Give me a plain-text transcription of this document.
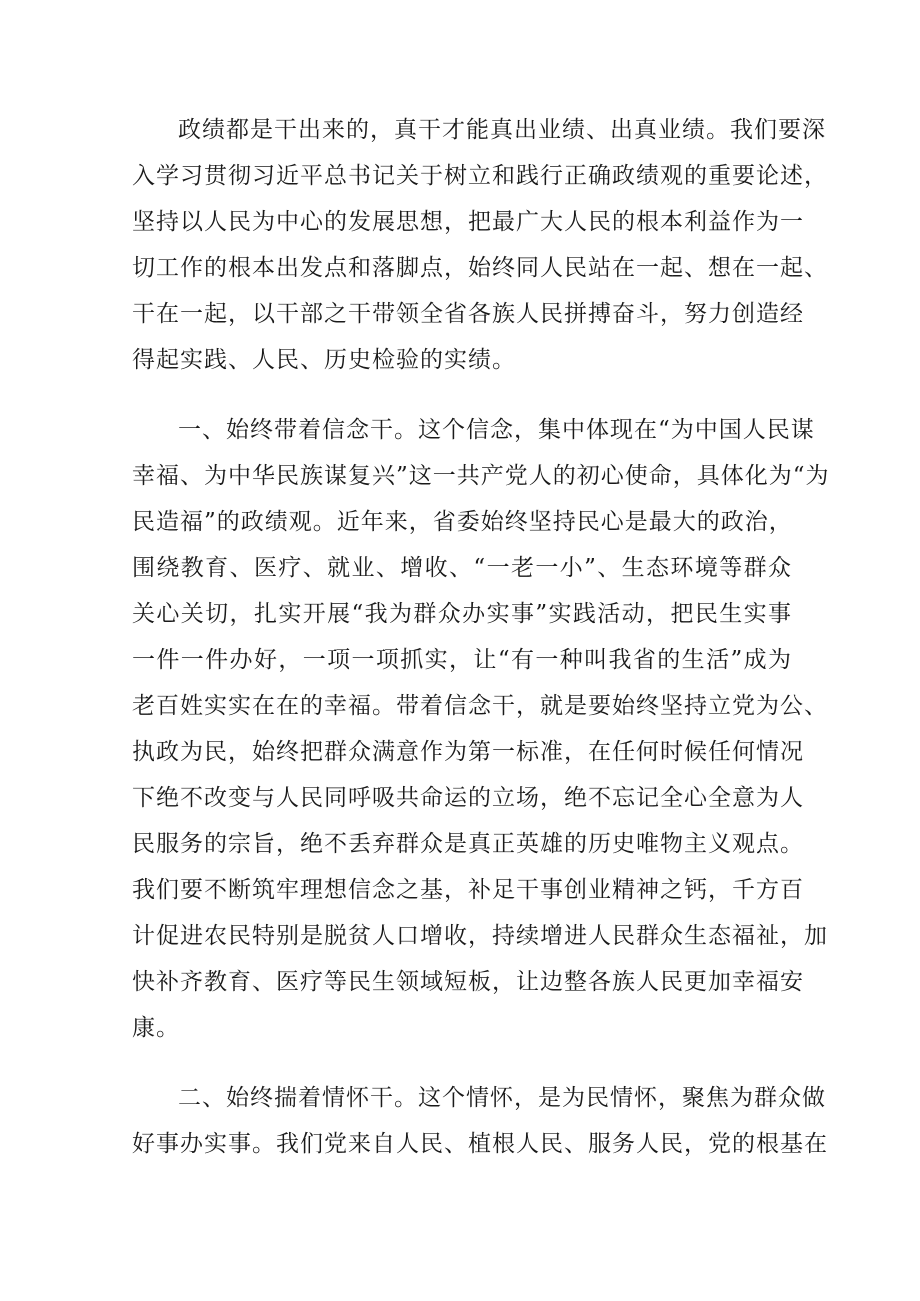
政绩都是干出来的，真干才能真出业绩、出真业绩。我们要深
入学习贯彻习近平总书记关于树立和践行正确政绩观的重要论述，
坚持以人民为中心的发展思想，把最广大人民的根本利益作为一
切工作的根本出发点和落脚点，始终同人民站在一起、想在一起、
干在一起，以干部之干带领全省各族人民拼搏奋斗，努力创造经
得起实践、人民、历史检验的实绩。
一、始终带着信念干。这个信念，集中体现在“为中国人民谋
幸福、为中华民族谋复兴”这一共产党人的初心使命，具体化为“为
民造福”的政绩观。近年来，省委始终坚持民心是最大的政治，
围绕教育、医疗、就业、增收、“一老一小”、生态环境等群众
关心关切，扎实开展“我为群众办实事”实践活动，把民生实事
一件一件办好，一项一项抓实，让“有一种叫我省的生活”成为
老百姓实实在在的幸福。带着信念干，就是要始终坚持立党为公、
执政为民，始终把群众满意作为第一标准，在任何时候任何情况
下绝不改变与人民同呼吸共命运的立场，绝不忘记全心全意为人
民服务的宗旨，绝不丢弃群众是真正英雄的历史唯物主义观点。
我们要不断筑牢理想信念之基，补足干事创业精神之钙，千方百
计促进农民特别是脱贫人口增收，持续增进人民群众生态福祉，加
快补齐教育、医疗等民生领域短板，让边整各族人民更加幸福安
康。
二、始终揣着情怀干。这个情怀，是为民情怀，聚焦为群众做
好事办实事。我们党来自人民、植根人民、服务人民，党的根基在
